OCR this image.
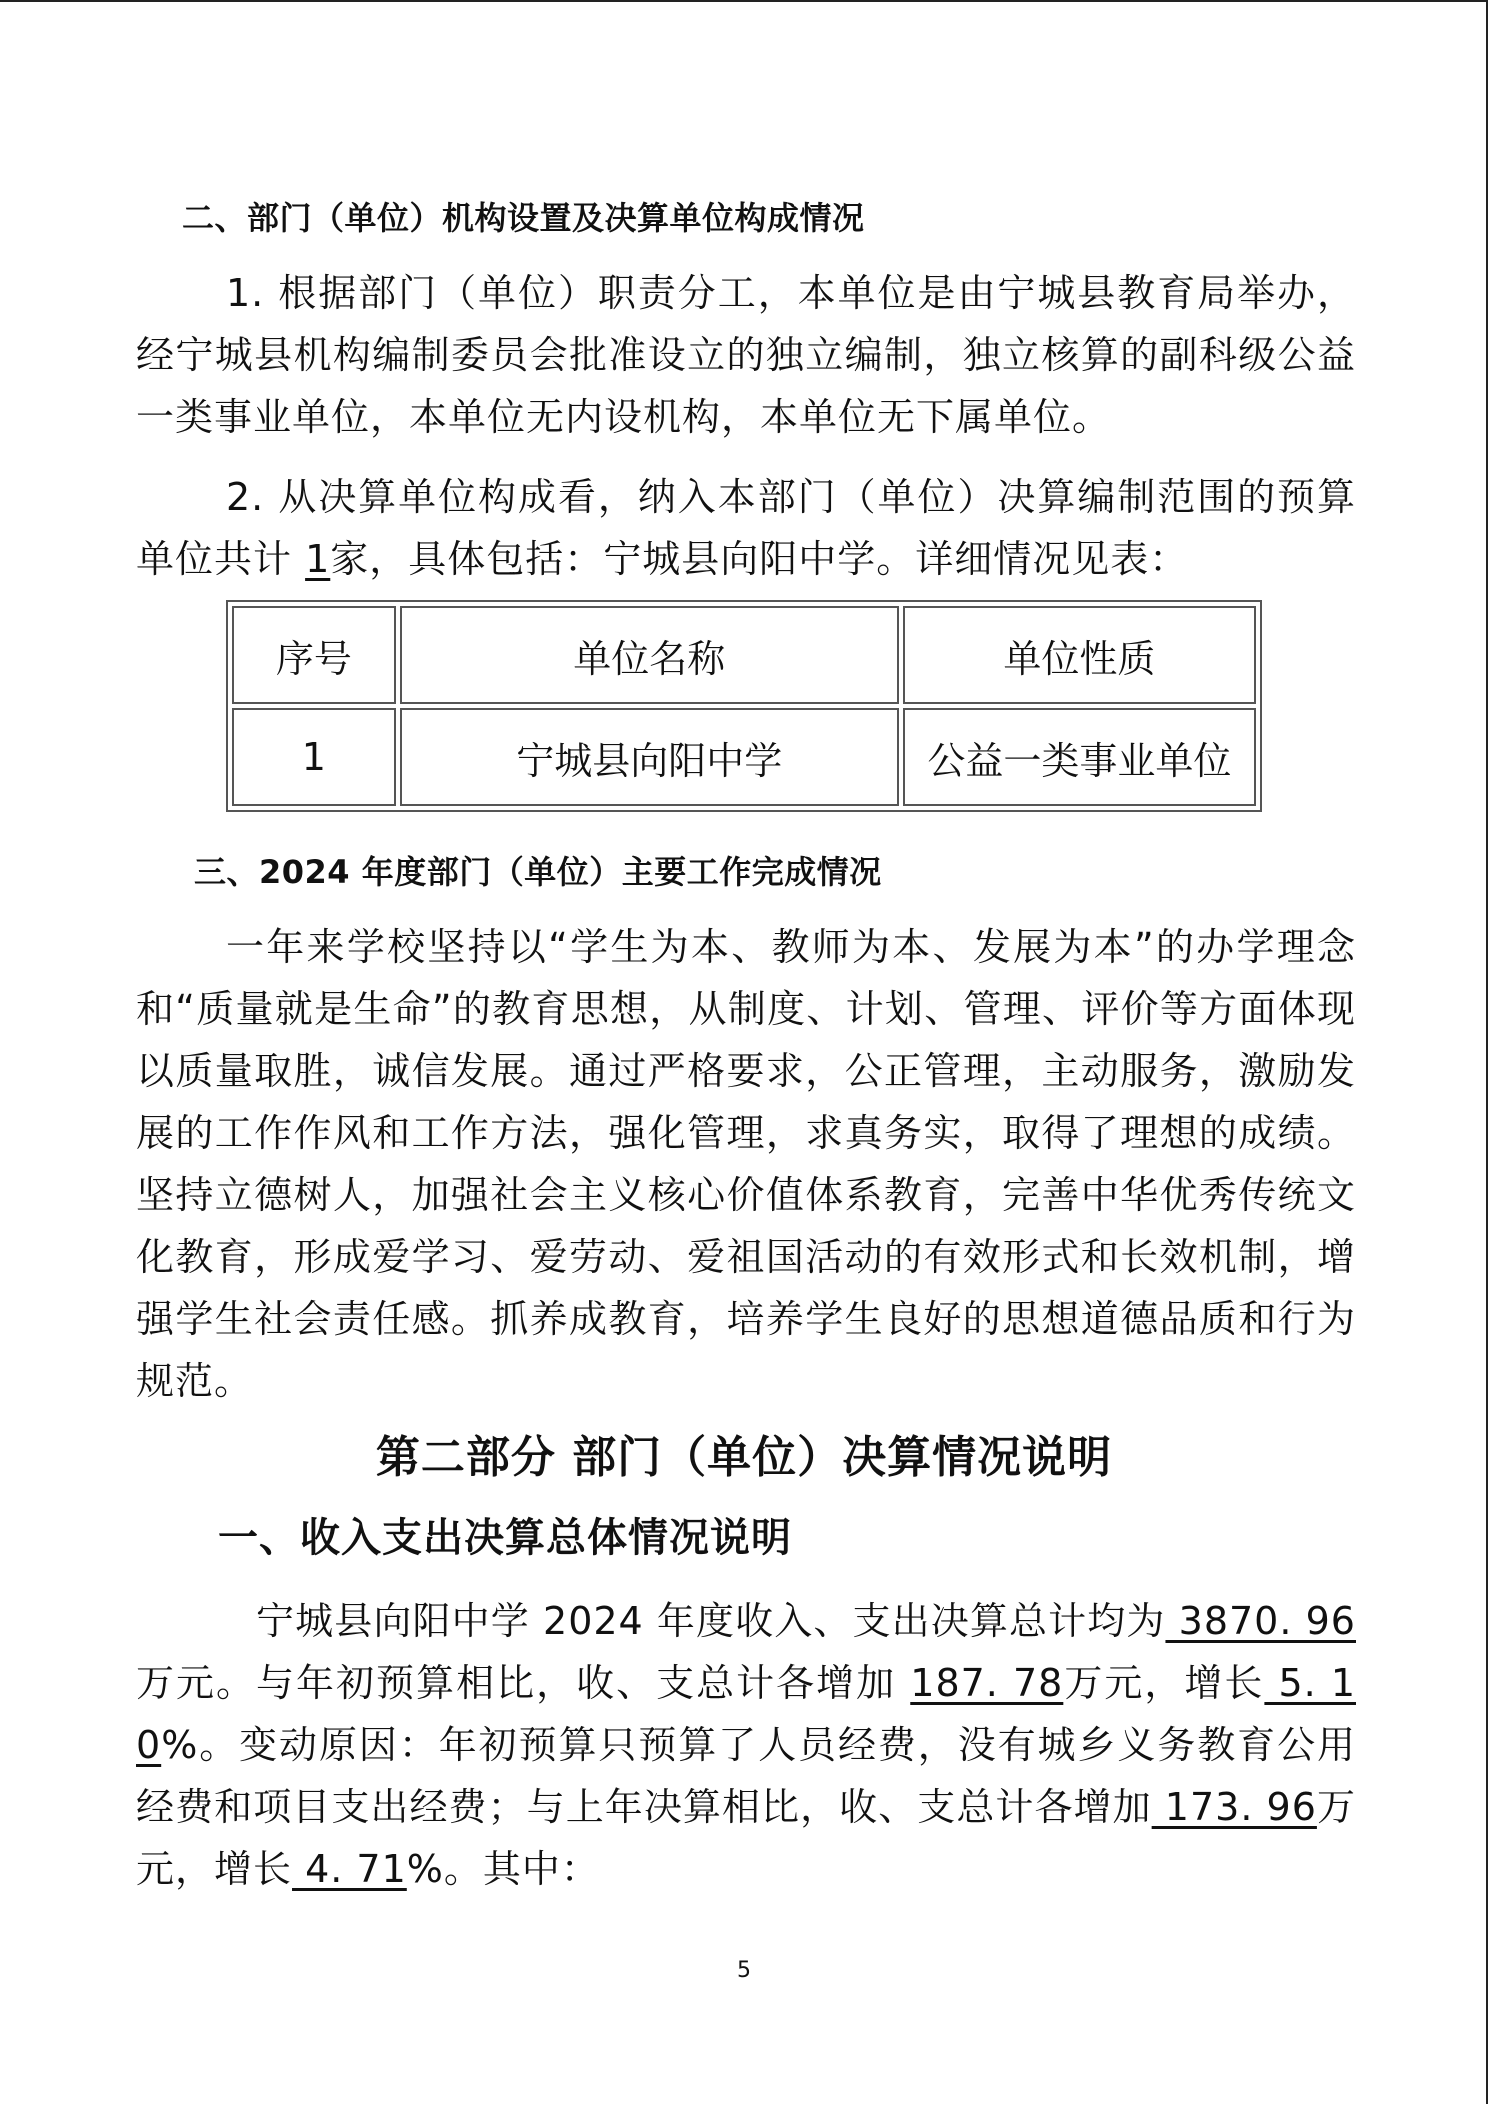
二、部门（单位）机构设置及决算单位构成情况
1. 根据部门（单位）职责分工，本单位是由宁城县教育局举办，经宁城县机构编制委员会批准设立的独立编制，独立核算的副科级公益一类事业单位，本单位无内设机构，本单位无下属单位。
2. 从决算单位构成看，纳入本部门（单位）决算编制范围的预算单位共计 1家，具体包括：宁城县向阳中学。详细情况见表：
序号	单位名称	单位性质
1	宁城县向阳中学	公益一类事业单位
三、2024 年度部门（单位）主要工作完成情况
一年来学校坚持以“学生为本、教师为本、发展为本”的办学理念和“质量就是生命”的教育思想，从制度、计划、管理、评价等方面体现以质量取胜，诚信发展。通过严格要求，公正管理，主动服务，激励发展的工作作风和工作方法，强化管理，求真务实，取得了理想的成绩。坚持立德树人，加强社会主义核心价值体系教育，完善中华优秀传统文化教育，形成爱学习、爱劳动、爱祖国活动的有效形式和长效机制，增强学生社会责任感。抓养成教育，培养学生良好的思想道德品质和行为规范。
第二部分 部门（单位）决算情况说明
一、收入支出决算总体情况说明
宁城县向阳中学 2024 年度收入、支出决算总计均为 3870. 96万元。与年初预算相比，收、支总计各增加 187. 78万元，增长 5. 10%。变动原因：年初预算只预算了人员经费，没有城乡义务教育公用经费和项目支出经费；与上年决算相比，收、支总计各增加 173. 96万元，增长 4. 71%。其中：
5
